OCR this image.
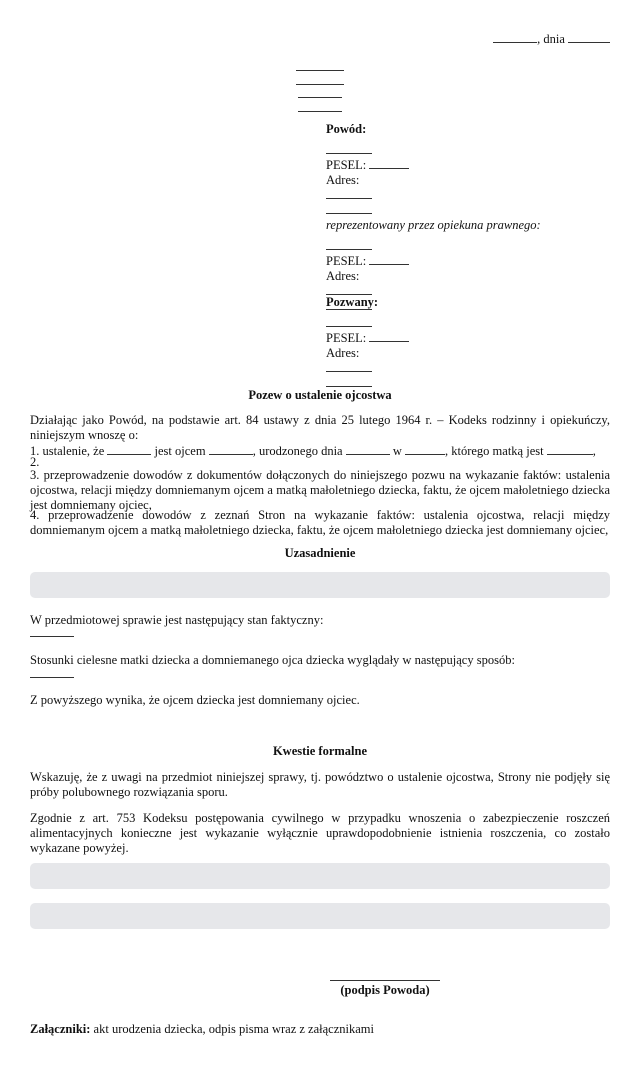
, dnia
Powód:
PESEL:
Adres:
reprezentowany przez opiekuna prawnego:
PESEL:
Adres:
Pozwany:
PESEL:
Adres:
Pozew o ustalenie ojcostwa
Działając jako Powód, na podstawie art. 84 ustawy z dnia 25 lutego 1964 r. – Kodeks rodzinny i opiekuńczy, niniejszym wnoszę o:
1. ustalenie, że	jest ojcem	, urodzonego dnia	w	, którego matką jest	,
2.
3. przeprowadzenie dowodów z dokumentów dołączonych do niniejszego pozwu na wykazanie faktów: ustalenia ojcostwa, relacji między domniemanym ojcem a matką małoletniego dziecka, faktu, że ojcem małoletniego dziecka jest domniemany ojciec,
4. przeprowadzenie dowodów z zeznań Stron na wykazanie faktów: ustalenia ojcostwa, relacji między domniemanym ojcem a matką małoletniego dziecka, faktu, że ojcem małoletniego dziecka jest domniemany ojciec,
Uzasadnienie
W przedmiotowej sprawie jest następujący stan faktyczny:
Stosunki cielesne matki dziecka a domniemanego ojca dziecka wyglądały w następujący sposób:
Z powyższego wynika, że ojcem dziecka jest domniemany ojciec.
Kwestie formalne
Wskazuję, że z uwagi na przedmiot niniejszej sprawy, tj. powództwo o ustalenie ojcostwa, Strony nie podjęły się próby polubownego rozwiązania sporu.
Zgodnie z art. 753 Kodeksu postępowania cywilnego w przypadku wnoszenia o zabezpieczenie roszczeń alimentacyjnych konieczne jest wykazanie wyłącznie uprawdopodobnienie istnienia roszczenia, co zostało wykazane powyżej.
(podpis Powoda)
Załączniki: akt urodzenia dziecka, odpis pisma wraz z załącznikami
